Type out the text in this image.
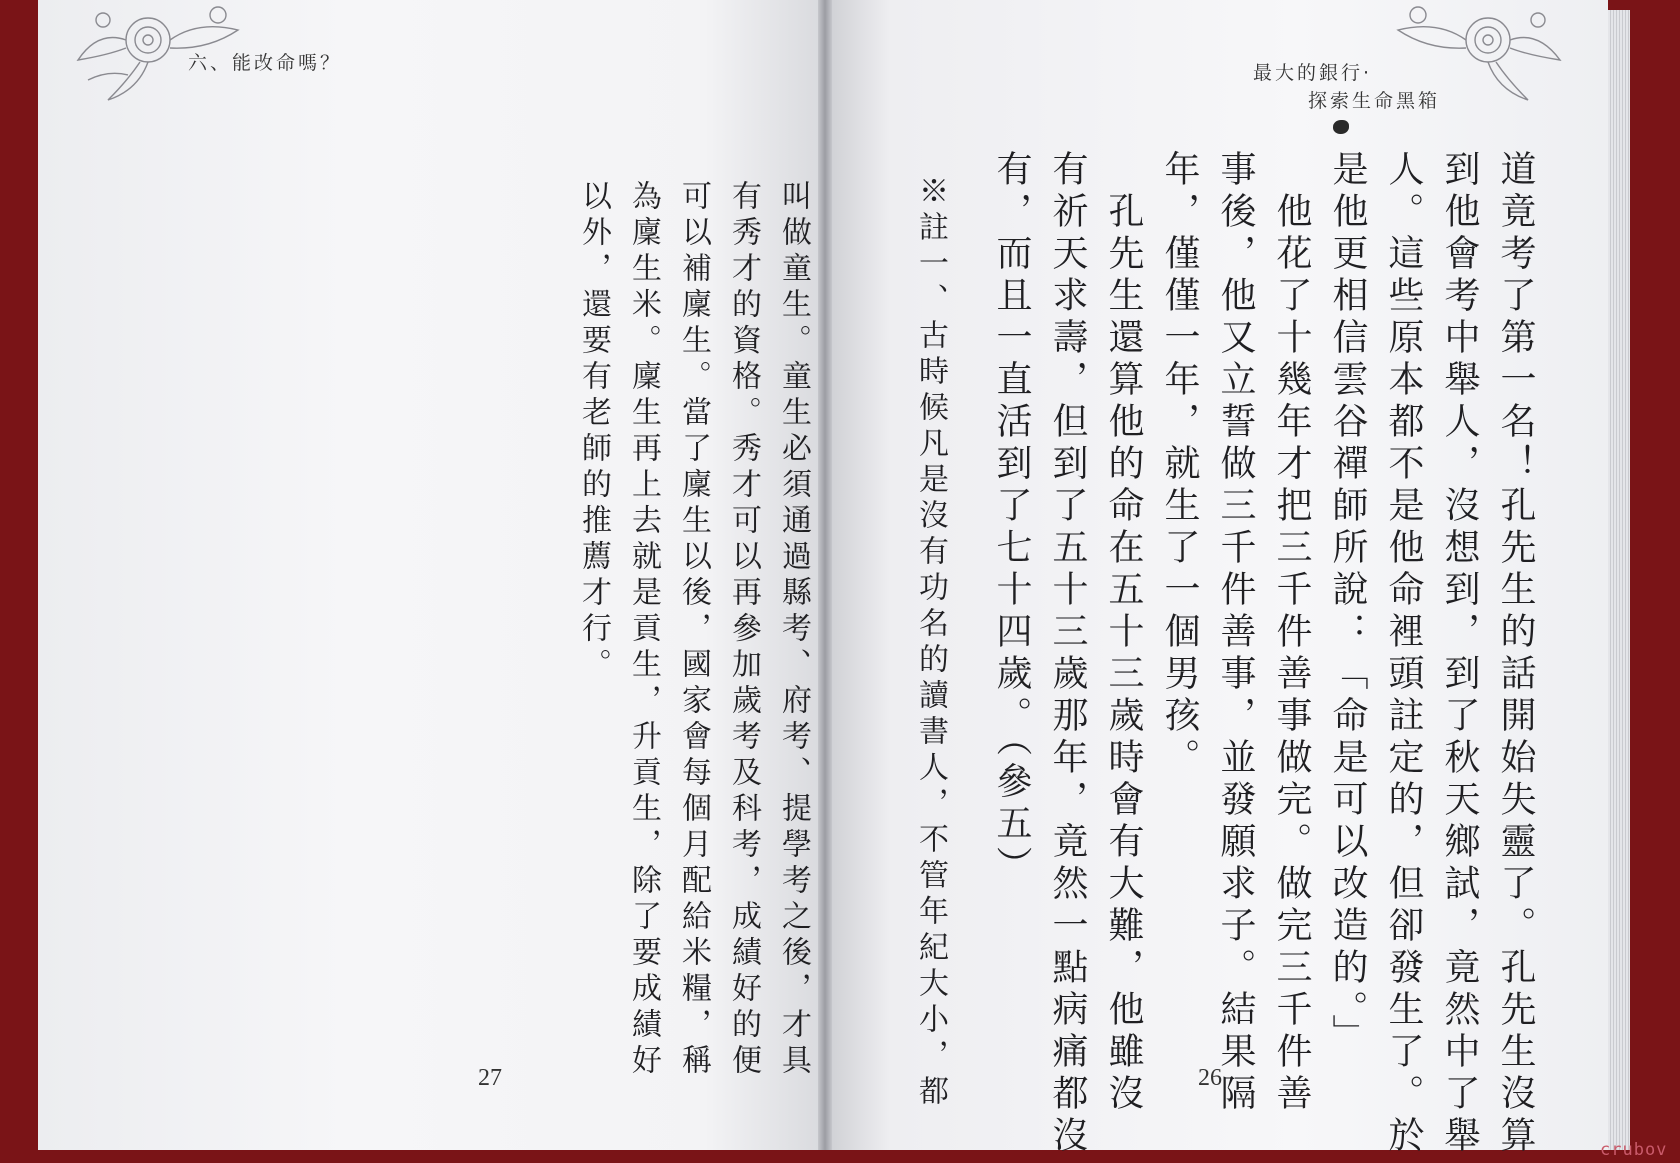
六、能改命嗎？	最大的銀行·
探索生命黑箱
叫做童生。童生必須通過縣考、府考、提學考之後，才具
有秀才的資格。秀才可以再參加歲考及科考，成績好的便
可以補廩生。當了廩生以後，國家會每個月配給米糧，稱
為廩生米。廩生再上去就是貢生，升貢生，除了要成績好
以外，還要有老師的推薦才行。	道竟考了第一名！孔先生的話開始失靈了。孔先生沒算
到他會考中舉人，沒想到，到了秋天鄉試，竟然中了舉
人。這些原本都不是他命裡頭註定的，但卻發生了。於
是他更相信雲谷禪師所說：「命是可以改造的。」
　他花了十幾年才把三千件善事做完。做完三千件善
事後，他又立誓做三千件善事，並發願求子。結果隔
年，僅僅一年，就生了一個男孩。
　孔先生還算他的命在五十三歲時會有大難，他雖沒
有祈天求壽，但到了五十三歲那年，竟然一點病痛都沒
有，而且一直活到了七十四歲。（參五）
※註一、古時候凡是沒有功名的讀書人，不管年紀大小，都
27	26
crubov
